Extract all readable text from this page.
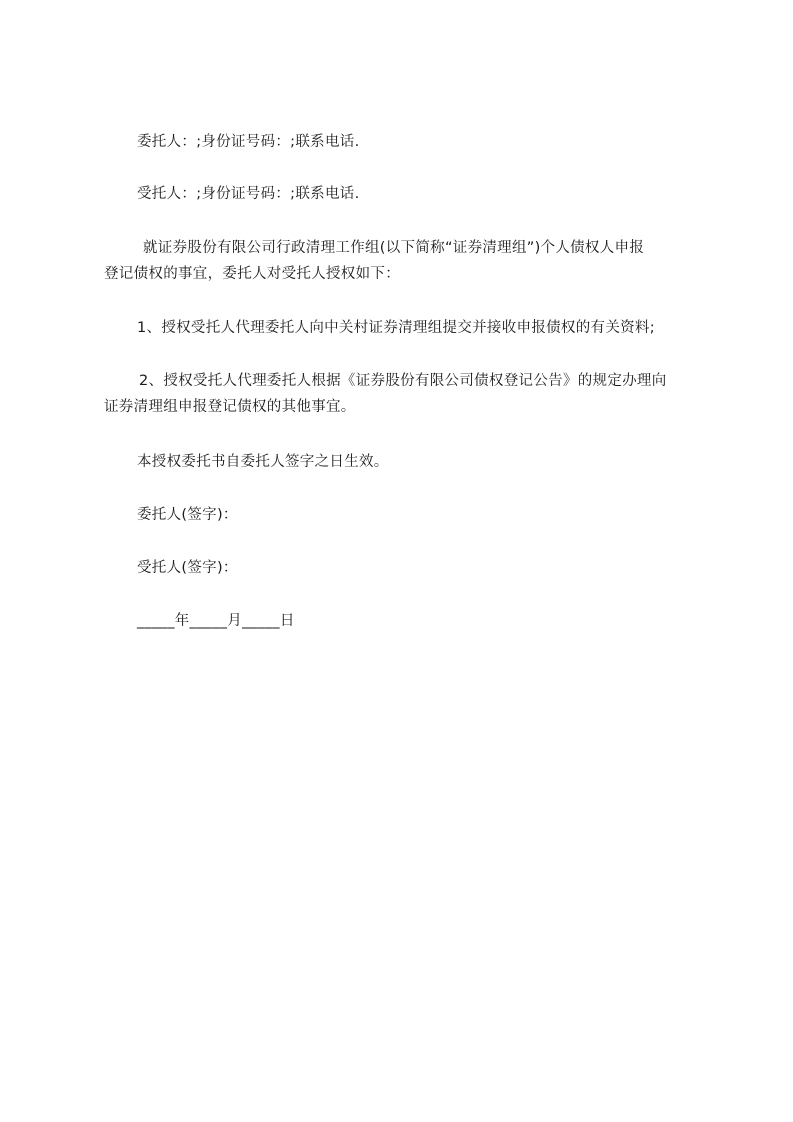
委托人：;身份证号码：;联系电话.
受托人：;身份证号码：;联系电话.
就证券股份有限公司行政清理工作组(以下简称“证券清理组”)个人债权人申报
登记债权的事宜，委托人对受托人授权如下：
1、授权受托人代理委托人向中关村证券清理组提交并接收申报债权的有关资料;
2、授权受托人代理委托人根据《证券股份有限公司债权登记公告》的规定办理向
证券清理组申报登记债权的其他事宜。
本授权委托书自委托人签字之日生效。
委托人(签字)：
受托人(签字)：
_____年_____月_____日
